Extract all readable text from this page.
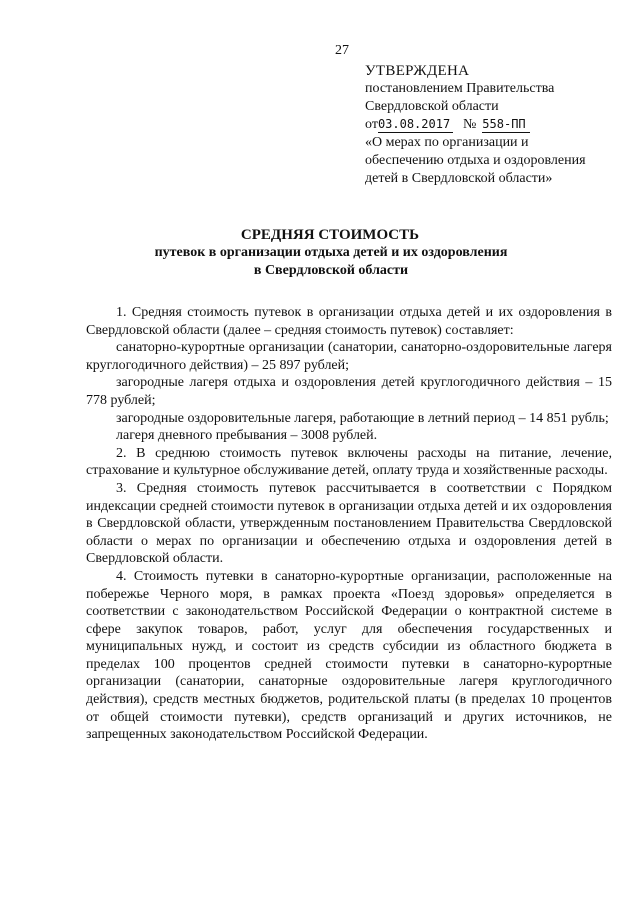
27
УТВЕРЖДЕНА
постановлением Правительства
Свердловской области
от03.08.2017 № 558-ПП
«О мерах по организации и
обеспечению отдыха и оздоровления
детей в Свердловской области»
СРЕДНЯЯ СТОИМОСТЬ
путевок в организации отдыха детей и их оздоровления
в Свердловской области

1. Средняя стоимость путевок в организации отдыха детей и их оздоровления в Свердловской области (далее – средняя стоимость путевок) составляет:

санаторно-курортные организации (санатории, санаторно-оздоровительные лагеря круглогодичного действия) – 25 897 рублей;

загородные лагеря отдыха и оздоровления детей круглогодичного действия – 15 778 рублей;

загородные оздоровительные лагеря, работающие в летний период – 14 851 рубль;

лагеря дневного пребывания – 3008 рублей.

2. В среднюю стоимость путевок включены расходы на питание, лечение, страхование и культурное обслуживание детей, оплату труда и хозяйственные расходы.

3. Средняя стоимость путевок рассчитывается в соответствии с Порядком индексации средней стоимости путевок в организации отдыха детей и их оздоровления в Свердловской области, утвержденным постановлением Правительства Свердловской области о мерах по организации и обеспечению отдыха и оздоровления детей в Свердловской области.

4. Стоимость путевки в санаторно-курортные организации, расположенные на побережье Черного моря, в рамках проекта «Поезд здоровья» определяется в соответствии с законодательством Российской Федерации о контрактной системе в сфере закупок товаров, работ, услуг для обеспечения государственных и муниципальных нужд, и состоит из средств субсидии из областного бюджета в пределах 100 процентов средней стоимости путевки в санаторно-курортные организации (санатории, санаторные оздоровительные лагеря круглогодичного действия), средств местных бюджетов, родительской платы (в пределах 10 процентов от общей стоимости путевки), средств организаций и других источников, не запрещенных законодательством Российской Федерации.
